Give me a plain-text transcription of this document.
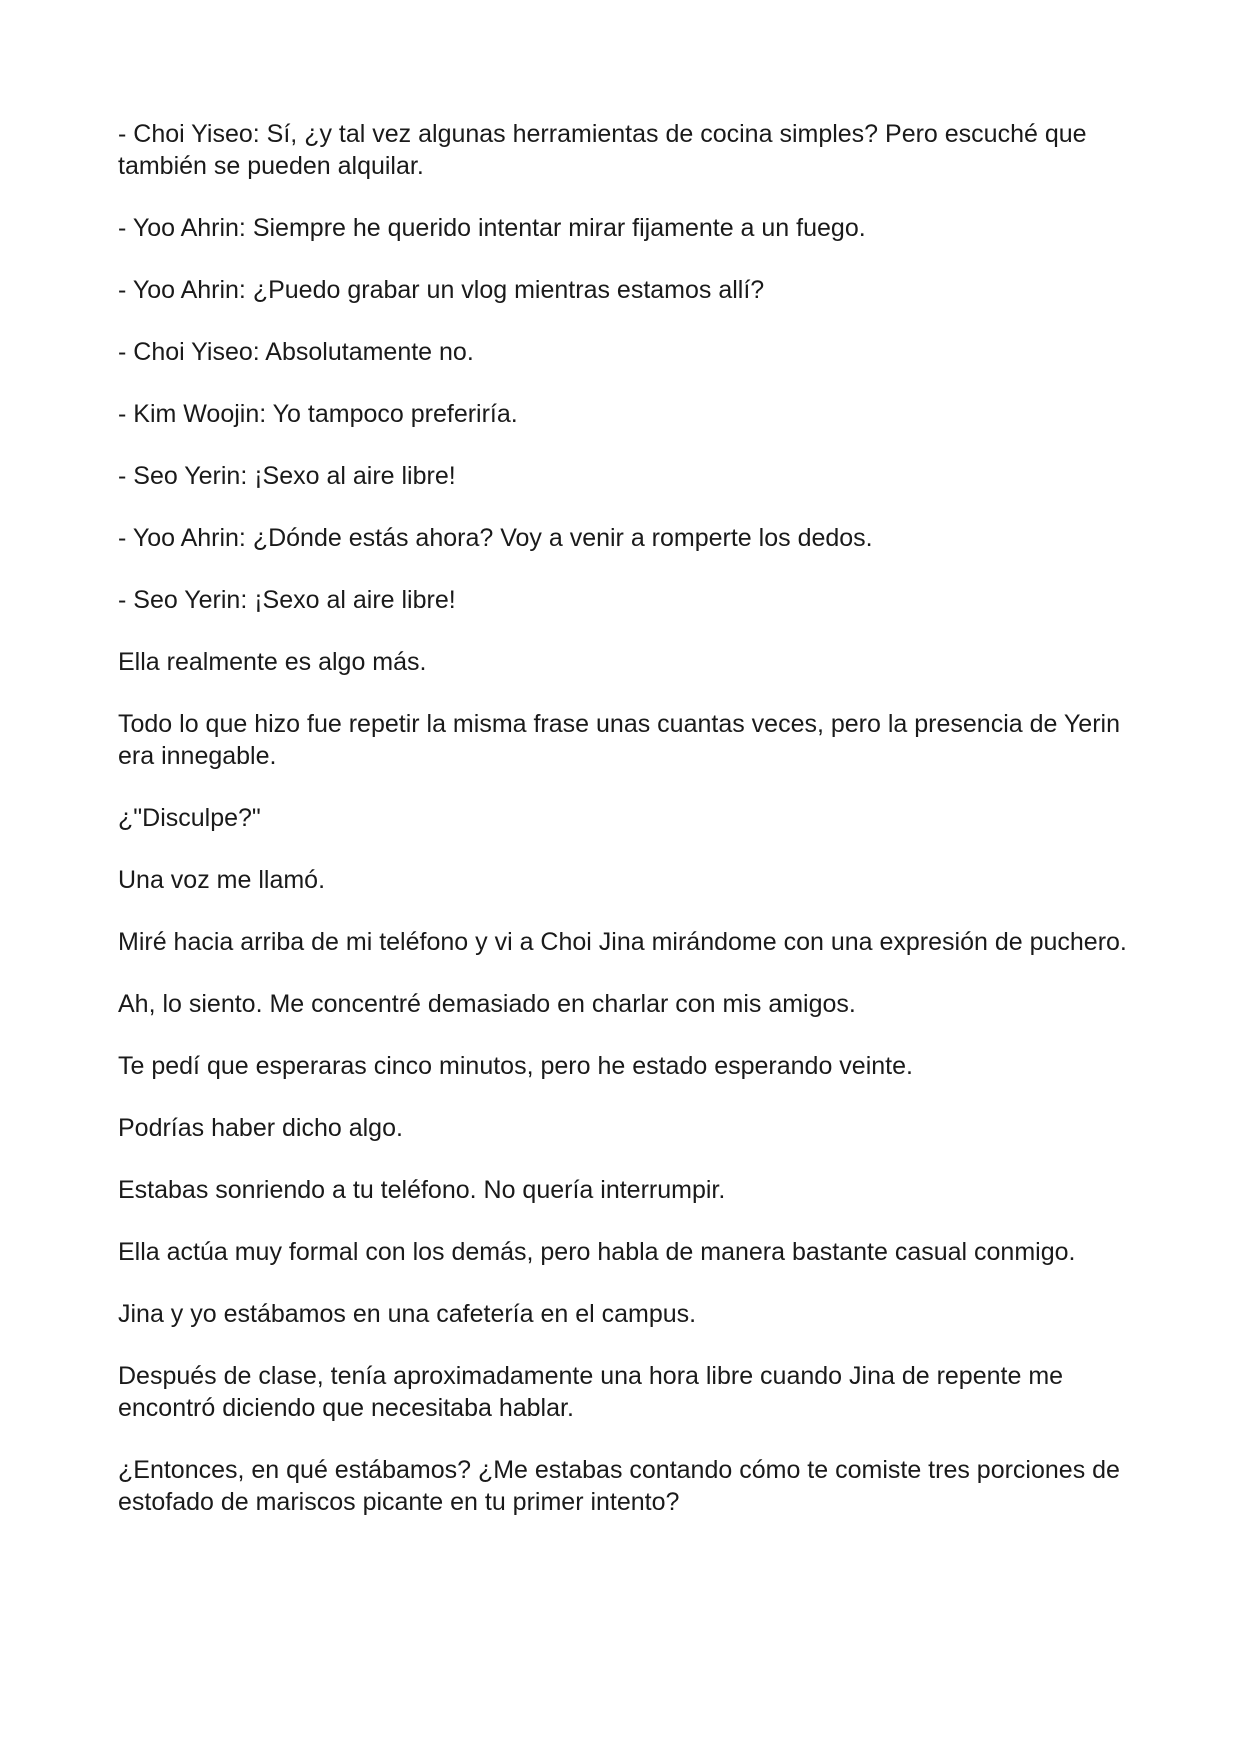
- Choi Yiseo: Sí, ¿y tal vez algunas herramientas de cocina simples? Pero escuché que también se pueden alquilar.

- Yoo Ahrin: Siempre he querido intentar mirar fijamente a un fuego.

- Yoo Ahrin: ¿Puedo grabar un vlog mientras estamos allí?

- Choi Yiseo: Absolutamente no.

- Kim Woojin: Yo tampoco preferiría.

- Seo Yerin: ¡Sexo al aire libre!

- Yoo Ahrin: ¿Dónde estás ahora? Voy a venir a romperte los dedos.

- Seo Yerin: ¡Sexo al aire libre!

Ella realmente es algo más.

Todo lo que hizo fue repetir la misma frase unas cuantas veces, pero la presencia de Yerin era innegable.

¿"Disculpe?"

Una voz me llamó.

Miré hacia arriba de mi teléfono y vi a Choi Jina mirándome con una expresión de puchero.

Ah, lo siento. Me concentré demasiado en charlar con mis amigos.

Te pedí que esperaras cinco minutos, pero he estado esperando veinte.

Podrías haber dicho algo.

Estabas sonriendo a tu teléfono. No quería interrumpir.

Ella actúa muy formal con los demás, pero habla de manera bastante casual conmigo.

Jina y yo estábamos en una cafetería en el campus.

Después de clase, tenía aproximadamente una hora libre cuando Jina de repente me encontró diciendo que necesitaba hablar.

¿Entonces, en qué estábamos? ¿Me estabas contando cómo te comiste tres porciones de estofado de mariscos picante en tu primer intento?
